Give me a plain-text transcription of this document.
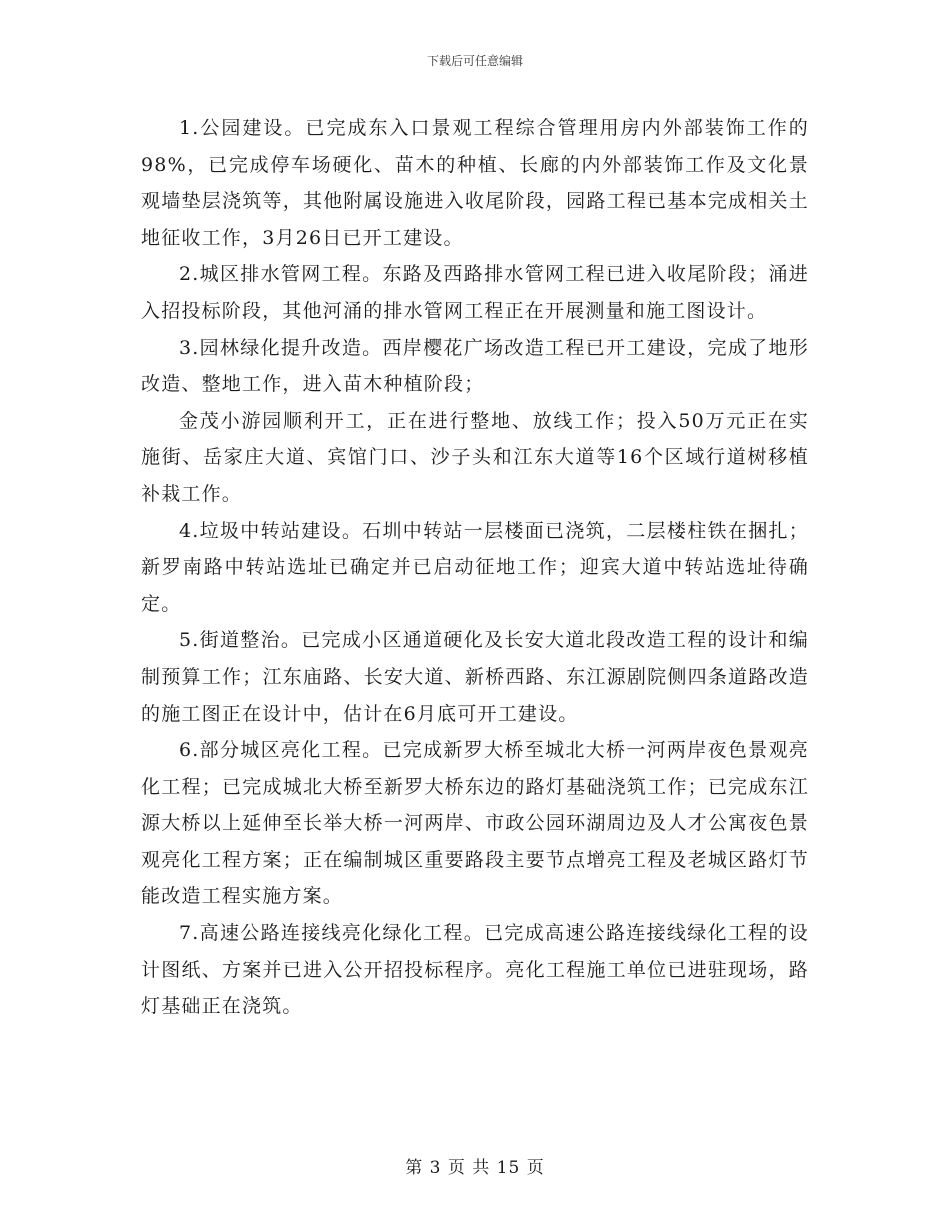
下载后可任意编辑

1.公园建设。已完成东入口景观工程综合管理用房内外部装饰工作的98%，已完成停车场硬化、苗木的种植、长廊的内外部装饰工作及文化景观墙垫层浇筑等，其他附属设施进入收尾阶段，园路工程已基本完成相关土地征收工作，3月26日已开工建设。

2.城区排水管网工程。东路及西路排水管网工程已进入收尾阶段；涌进入招投标阶段，其他河涌的排水管网工程正在开展测量和施工图设计。

3.园林绿化提升改造。西岸樱花广场改造工程已开工建设，完成了地形改造、整地工作，进入苗木种植阶段；

金茂小游园顺利开工，正在进行整地、放线工作；投入50万元正在实施街、岳家庄大道、宾馆门口、沙子头和江东大道等16个区域行道树移植补栽工作。

4.垃圾中转站建设。石圳中转站一层楼面已浇筑，二层楼柱铁在捆扎；新罗南路中转站选址已确定并已启动征地工作；迎宾大道中转站选址待确定。

5.街道整治。已完成小区通道硬化及长安大道北段改造工程的设计和编制预算工作；江东庙路、长安大道、新桥西路、东江源剧院侧四条道路改造的施工图正在设计中，估计在6月底可开工建设。

6.部分城区亮化工程。已完成新罗大桥至城北大桥一河两岸夜色景观亮化工程；已完成城北大桥至新罗大桥东边的路灯基础浇筑工作；已完成东江源大桥以上延伸至长举大桥一河两岸、市政公园环湖周边及人才公寓夜色景观亮化工程方案；正在编制城区重要路段主要节点增亮工程及老城区路灯节能改造工程实施方案。

7.高速公路连接线亮化绿化工程。已完成高速公路连接线绿化工程的设计图纸、方案并已进入公开招投标程序。亮化工程施工单位已进驻现场，路灯基础正在浇筑。

第 3 页 共 15 页
